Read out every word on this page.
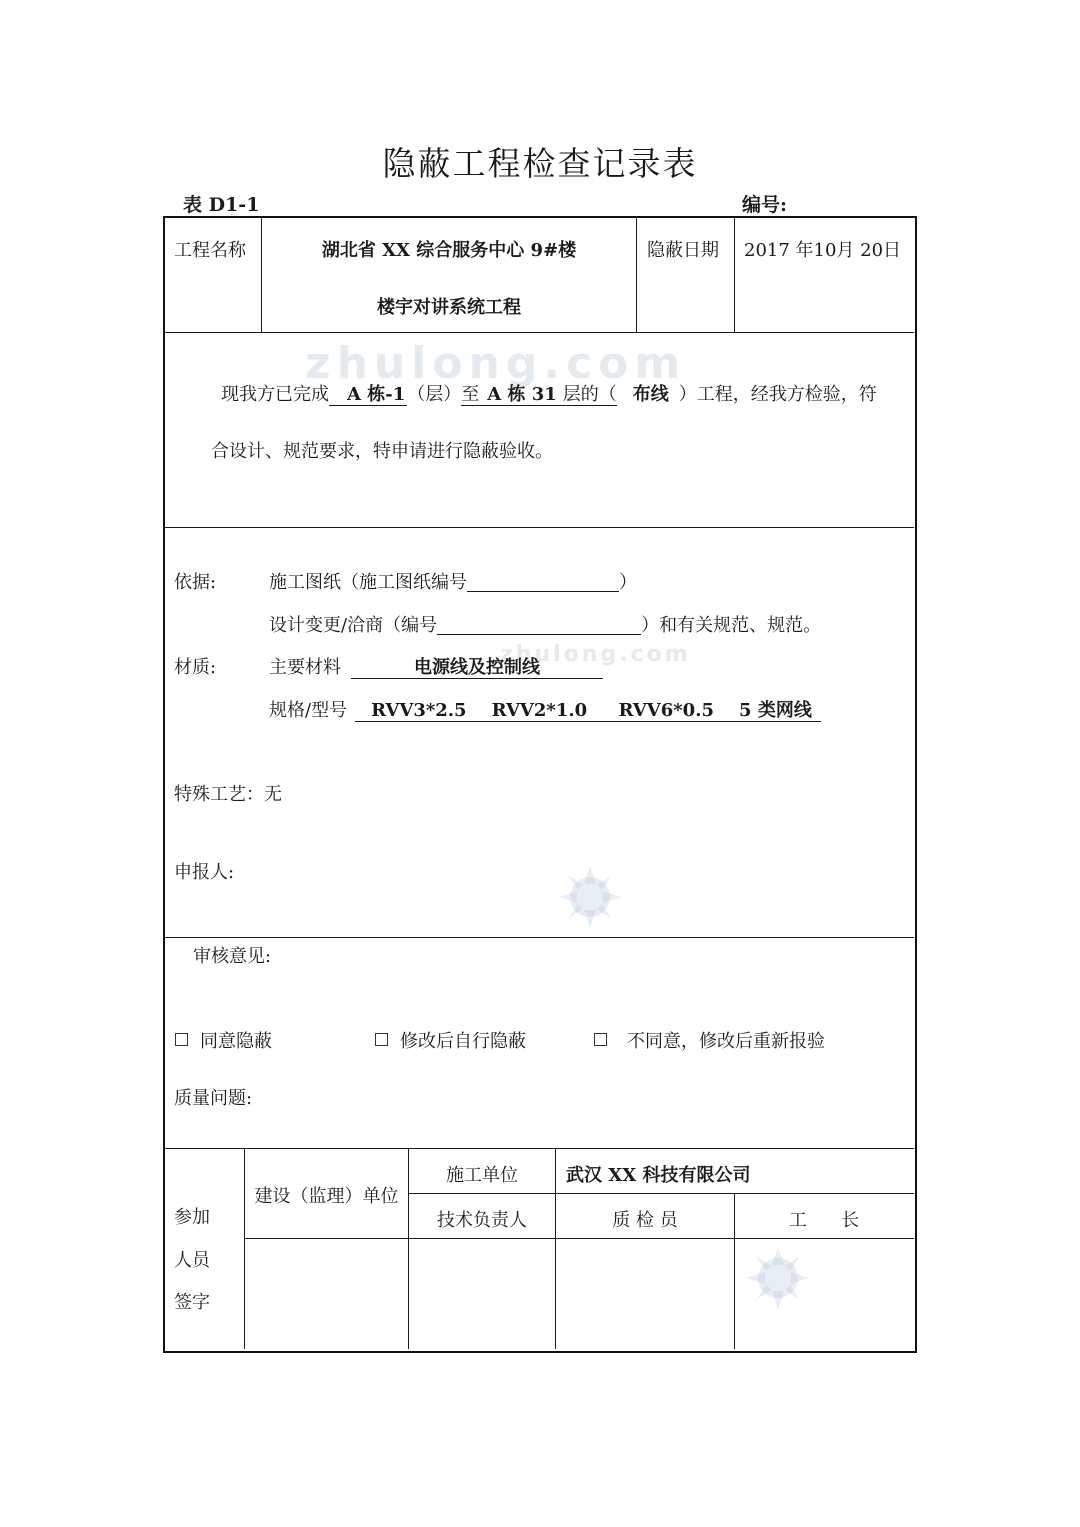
隐蔽工程检查记录表
表 D1-1	编号:
zhulong.com
zhulong.com
工程名称	湖北省 XX 综合服务中心 9#楼
楼宇对讲系统工程
隐蔽日期 2017 年10月 20日
现我方已完成 A 栋-1 （层）至 A 栋 31 层的（ 布线 ）工程，经我方检验，符
合设计、规范要求，特申请进行隐蔽验收。
依据:	施工图纸（施工图纸编号	）
设计变更/洽商（编号	）和有关规范、规范。
材质:	主要材料	电源线及控制线
规格/型号 RVV3*2.5    RVV2*1.0     RVV6*0.5    5 类网线
特殊工艺：无
申报人:
审核意见:
同意隐蔽	修改后自行隐蔽	不同意，修改后重新报验
质量问题:
参加
人员
签字
建设（监理）单位
施工单位	武汉 XX 科技有限公司
技术负责人	质 检 员	工      长
